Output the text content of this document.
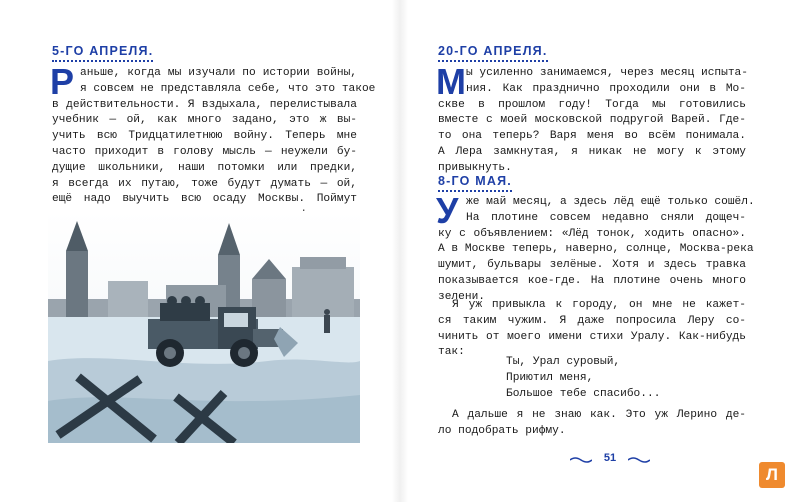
5-ГО АПРЕЛЯ.
Р аньше, когда мы изучали по истории войны,
я совсем не представляла себе, что это такое
в действительности. Я вздыхала, перелистывала
учебник — ой, как много задано, это ж вы-
учить всю Тридцатилетнюю войну. Теперь мне
часто приходит в голову мысль — неужели бу-
дущие школьники, наши потомки или предки,
я всегда их путаю, тоже будут думать — ой,
ещё надо выучить всю осаду Москвы. Поймут
20-ГО АПРЕЛЯ.
М ы усиленно занимаемся, через месяц испыта-
ния. Как празднично проходили они в Мо-
скве в прошлом году! Тогда мы готовились
вместе с моей московской подругой Варей. Где-
то она теперь? Варя меня во всём понимала.
А Лера замкнутая, я никак не могу к этому
привыкнуть.
8-ГО МАЯ.
У же май месяц, а здесь лёд ещё только сошёл.
На плотине совсем недавно сняли дощеч-
ку с объявлением: «Лёд тонок, ходить опасно».
А в Москве теперь, наверно, солнце, Москва-река
шумит, бульвары зелёные. Хотя и здесь травка
показывается кое-где. На плотине очень много
зелени.
Я уж привыкла к городу, он мне не кажет-
ся таким чужим. Я даже попросила Леру со-
чинить от моего имени стихи Уралу. Как-нибудь
так:
Ты, Урал суровый,
Приютил меня,
Большое тебе спасибо...
А дальше я не знаю как. Это уж Лерино де-
ло подобрать рифму.
51
Л
